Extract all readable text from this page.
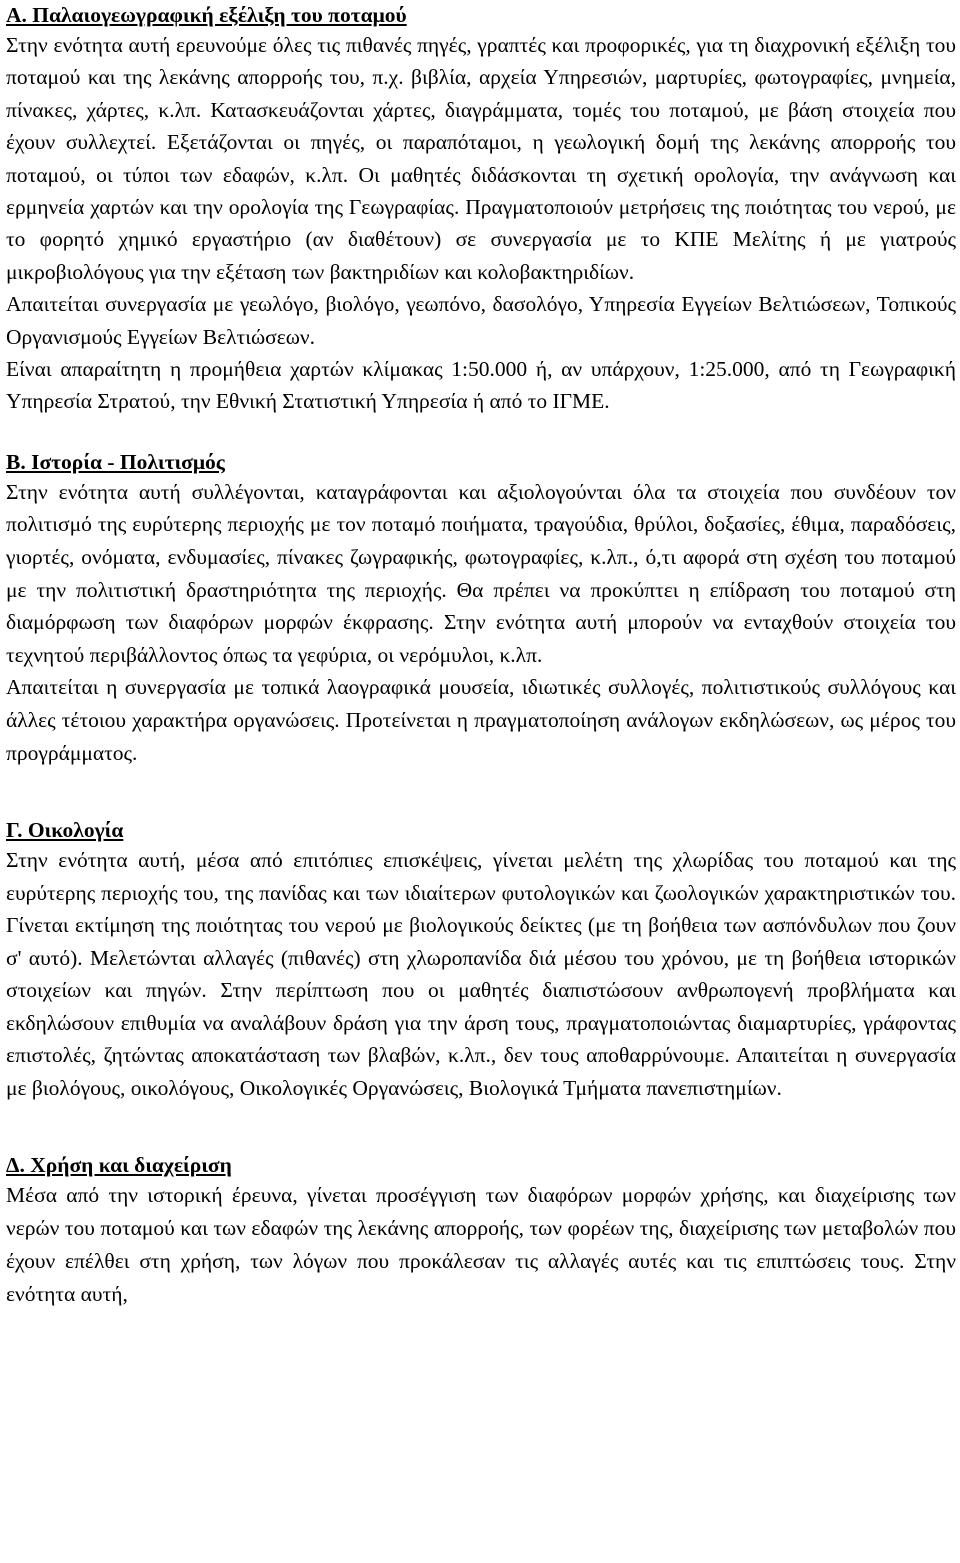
Α. Παλαιογεωγραφική εξέλιξη του ποταμού

Στην ενότητα αυτή ερευνούμε όλες τις πιθανές πηγές, γραπτές και προφορικές, για τη διαχρονική εξέλιξη του ποταμού και της λεκάνης απορροής του, π.χ. βιβλία, αρχεία Υπηρεσιών, μαρτυρίες, φωτογραφίες, μνημεία, πίνακες, χάρτες, κ.λπ. Κατασκευάζονται χάρτες, διαγράμματα, τομές του ποταμού, με βάση στοιχεία που έχουν συλλεχτεί. Εξετάζονται οι πηγές, οι παραπόταμοι, η γεωλογική δομή της λεκάνης απορροής του ποταμού, οι τύποι των εδαφών, κ.λπ. Οι μαθητές διδάσκονται τη σχετική ορολογία, την ανάγνωση και ερμηνεία χαρτών και την ορολογία της Γεωγραφίας. Πραγματοποιούν μετρήσεις της ποιότητας του νερού, με το φορητό χημικό εργαστήριο (αν διαθέτουν) σε συνεργασία με το ΚΠΕ Μελίτης ή με γιατρούς μικροβιολόγους για την εξέταση των βακτηριδίων και κολοβακτηριδίων.

Απαιτείται συνεργασία με γεωλόγο, βιολόγο, γεωπόνο, δασολόγο, Υπηρεσία Εγγείων Βελτιώσεων, Τοπικούς Οργανισμούς Εγγείων Βελτιώσεων.

Είναι απαραίτητη η προμήθεια χαρτών κλίμακας 1:50.000 ή, αν υπάρχουν, 1:25.000, από τη Γεωγραφική Υπηρεσία Στρατού, την Εθνική Στατιστική Υπηρεσία ή από το ΙΓΜΕ.

Β. Ιστορία - Πολιτισμός

Στην ενότητα αυτή συλλέγονται, καταγράφονται και αξιολογούνται όλα τα στοιχεία που συνδέουν τον πολιτισμό της ευρύτερης περιοχής με τον ποταμό ποιήματα, τραγούδια, θρύλοι, δοξασίες, έθιμα, παραδόσεις, γιορτές, ονόματα, ενδυμασίες, πίνακες ζωγραφικής, φωτογραφίες, κ.λπ., ό,τι αφορά στη σχέση του ποταμού με την πολιτιστική δραστηριότητα της περιοχής. Θα πρέπει να προκύπτει η επίδραση του ποταμού στη διαμόρφωση των διαφόρων μορφών έκφρασης. Στην ενότητα αυτή μπορούν να ενταχθούν στοιχεία του τεχνητού περιβάλλοντος όπως τα γεφύρια, οι νερόμυλοι, κ.λπ.

Απαιτείται η συνεργασία με τοπικά λαογραφικά μουσεία, ιδιωτικές συλλογές, πολιτιστικούς συλλόγους και άλλες τέτοιου χαρακτήρα οργανώσεις. Προτείνεται η πραγματοποίηση ανάλογων εκδηλώσεων, ως μέρος του προγράμματος.

Γ. Οικολογία

Στην ενότητα αυτή, μέσα από επιτόπιες επισκέψεις, γίνεται μελέτη της χλωρίδας του ποταμού και της ευρύτερης περιοχής του, της πανίδας και των ιδιαίτερων φυτολογικών και ζωολογικών χαρακτηριστικών του. Γίνεται εκτίμηση της ποιότητας του νερού με βιολογικούς δείκτες (με τη βοήθεια των ασπόνδυλων που ζουν σ' αυτό). Μελετώνται αλλαγές (πιθανές) στη χλωροπανίδα διά μέσου του χρόνου, με τη βοήθεια ιστορικών στοιχείων και πηγών. Στην περίπτωση που οι μαθητές διαπιστώσουν ανθρωπογενή προβλήματα και εκδηλώσουν επιθυμία να αναλάβουν δράση για την άρση τους, πραγματοποιώντας διαμαρτυρίες, γράφοντας επιστολές, ζητώντας αποκατάσταση των βλαβών, κ.λπ., δεν τους αποθαρρύνουμε. Απαιτείται η συνεργασία με βιολόγους, οικολόγους, Οικολογικές Οργανώσεις, Βιολογικά Τμήματα πανεπιστημίων.

Δ. Χρήση και διαχείριση

Μέσα από την ιστορική έρευνα, γίνεται προσέγγιση των διαφόρων μορφών χρήσης, και διαχείρισης των νερών του ποταμού και των εδαφών της λεκάνης απορροής, των φορέων της, διαχείρισης των μεταβολών που έχουν επέλθει στη χρήση, των λόγων που προκάλεσαν τις αλλαγές αυτές και τις επιπτώσεις τους. Στην ενότητα αυτή,
